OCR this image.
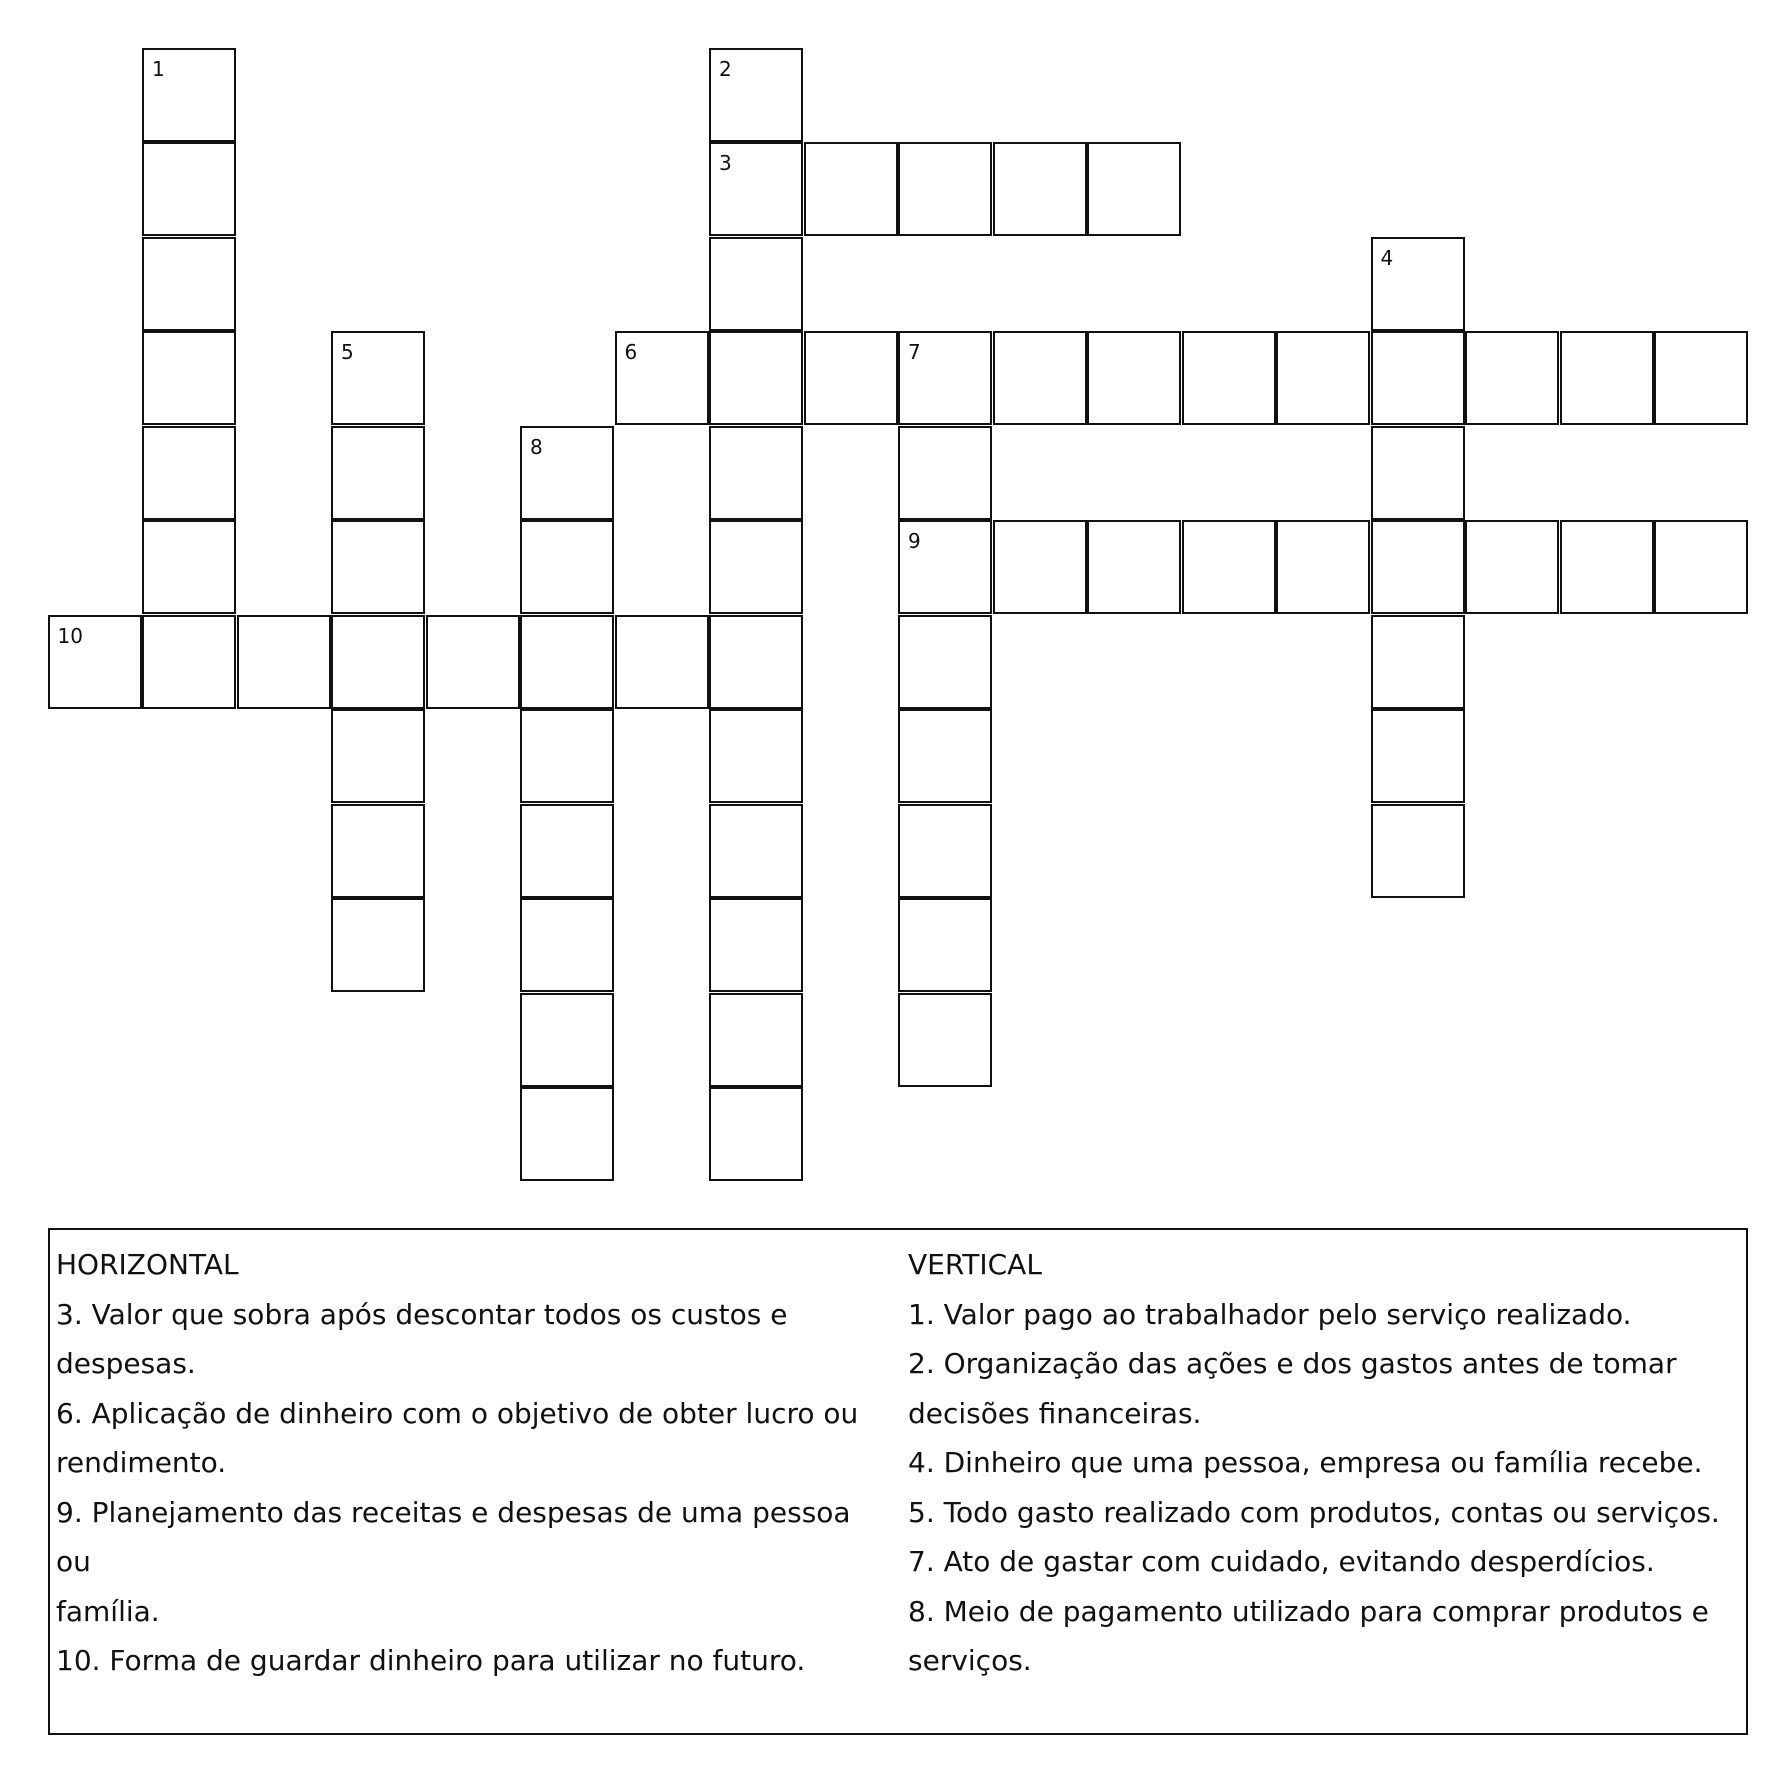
1	2
3
4
5	6	7
9
8
10
HORIZONTAL
3. Valor que sobra após descontar todos os custos e
despesas.
6. Aplicação de dinheiro com o objetivo de obter lucro ou
rendimento.
9. Planejamento das receitas e despesas de uma pessoa ou
família.
10. Forma de guardar dinheiro para utilizar no futuro.
VERTICAL
1. Valor pago ao trabalhador pelo serviço realizado.
2. Organização das ações e dos gastos antes de tomar
decisões financeiras.
4. Dinheiro que uma pessoa, empresa ou família recebe.
5. Todo gasto realizado com produtos, contas ou serviços.
7. Ato de gastar com cuidado, evitando desperdícios.
8. Meio de pagamento utilizado para comprar produtos e
serviços.
